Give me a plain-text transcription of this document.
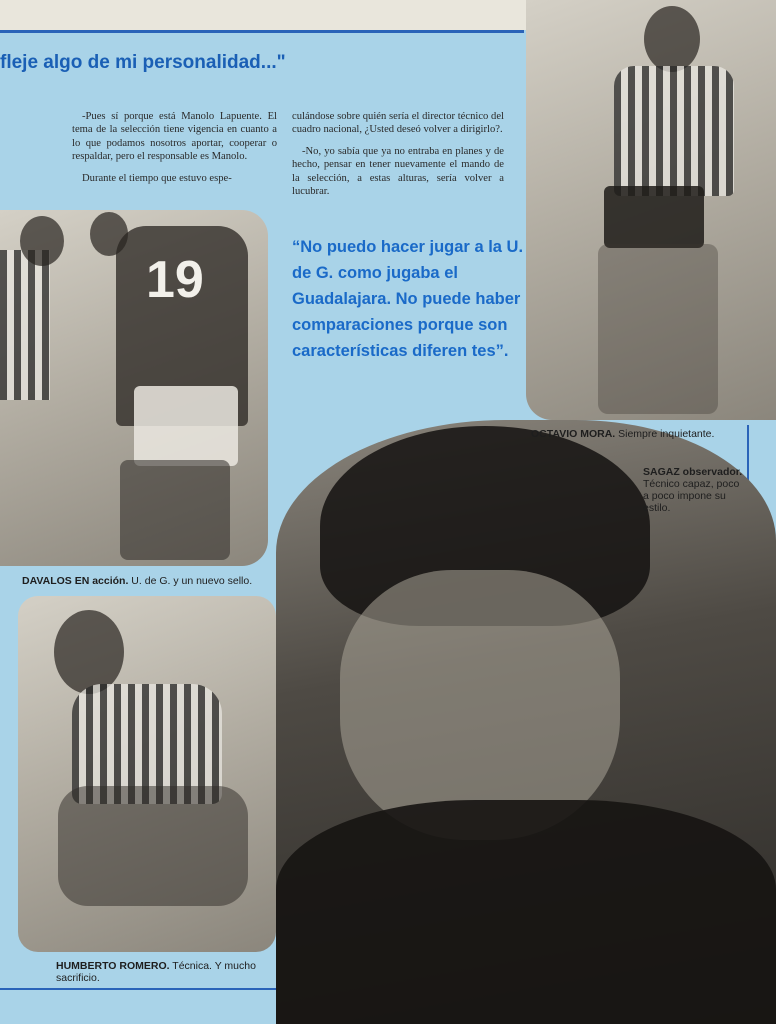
fleje algo de mi personalidad..."

-Pues sí porque está Manolo Lapuente. El tema de la selección tiene vigencia en cuanto a lo que podamos nosotros aportar, cooperar o respaldar, pero el responsable es Manolo.

Durante el tiempo que estuvo espe-

culándose sobre quién sería el director técnico del cuadro nacional, ¿Usted deseó volver a dirigirlo?.

-No, yo sabía que ya no entraba en planes y de hecho, pensar en tener nuevamente el mando de la selección, a estas alturas, sería volver a lucubrar.

19
“No puedo hacer jugar a la U. de G. como jugaba el Guadalajara. No puede haber comparaciones porque son características diferen tes”.
OCTAVIO MORA. Siempre inquietante.
SAGAZ observador. Técnico capaz, poco a poco impone su estilo.
DAVALOS EN acción. U. de G. y un nuevo sello.
HUMBERTO ROMERO. Técnica. Y mucho sacrificio.
